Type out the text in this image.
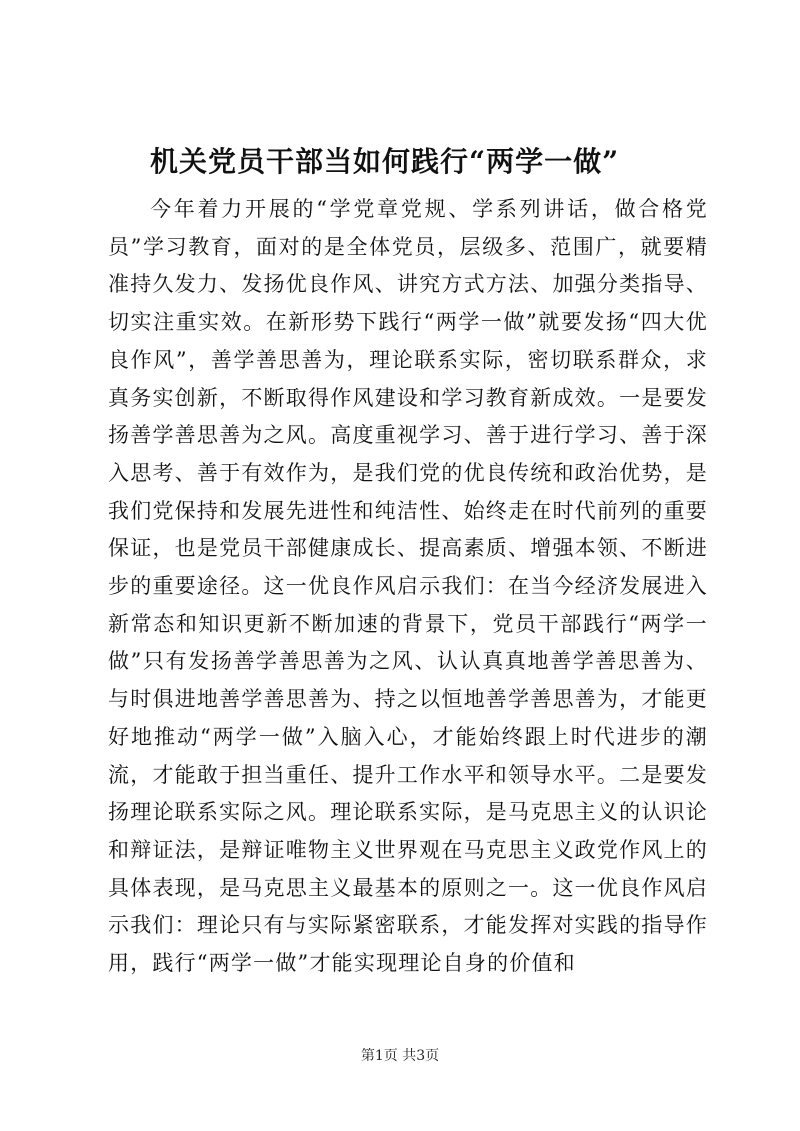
机关党员干部当如何践行“两学一做”

今年着力开展的“学党章党规、学系列讲话，做合格党员”学习教育，面对的是全体党员，层级多、范围广，就要精准持久发力、发扬优良作风、讲究方式方法、加强分类指导、切实注重实效。在新形势下践行“两学一做”就要发扬“四大优良作风”，善学善思善为，理论联系实际，密切联系群众，求真务实创新，不断取得作风建设和学习教育新成效。一是要发扬善学善思善为之风。高度重视学习、善于进行学习、善于深入思考、善于有效作为，是我们党的优良传统和政治优势，是我们党保持和发展先进性和纯洁性、始终走在时代前列的重要保证，也是党员干部健康成长、提高素质、增强本领、不断进步的重要途径。这一优良作风启示我们：在当今经济发展进入新常态和知识更新不断加速的背景下，党员干部践行“两学一做”只有发扬善学善思善为之风、认认真真地善学善思善为、与时俱进地善学善思善为、持之以恒地善学善思善为，才能更好地推动“两学一做”入脑入心，才能始终跟上时代进步的潮流，才能敢于担当重任、提升工作水平和领导水平。二是要发扬理论联系实际之风。理论联系实际，是马克思主义的认识论和辩证法，是辩证唯物主义世界观在马克思主义政党作风上的具体表现，是马克思主义最基本的原则之一。这一优良作风启示我们：理论只有与实际紧密联系，才能发挥对实践的指导作用，践行“两学一做”才能实现理论自身的价值和

第1页 共3页
